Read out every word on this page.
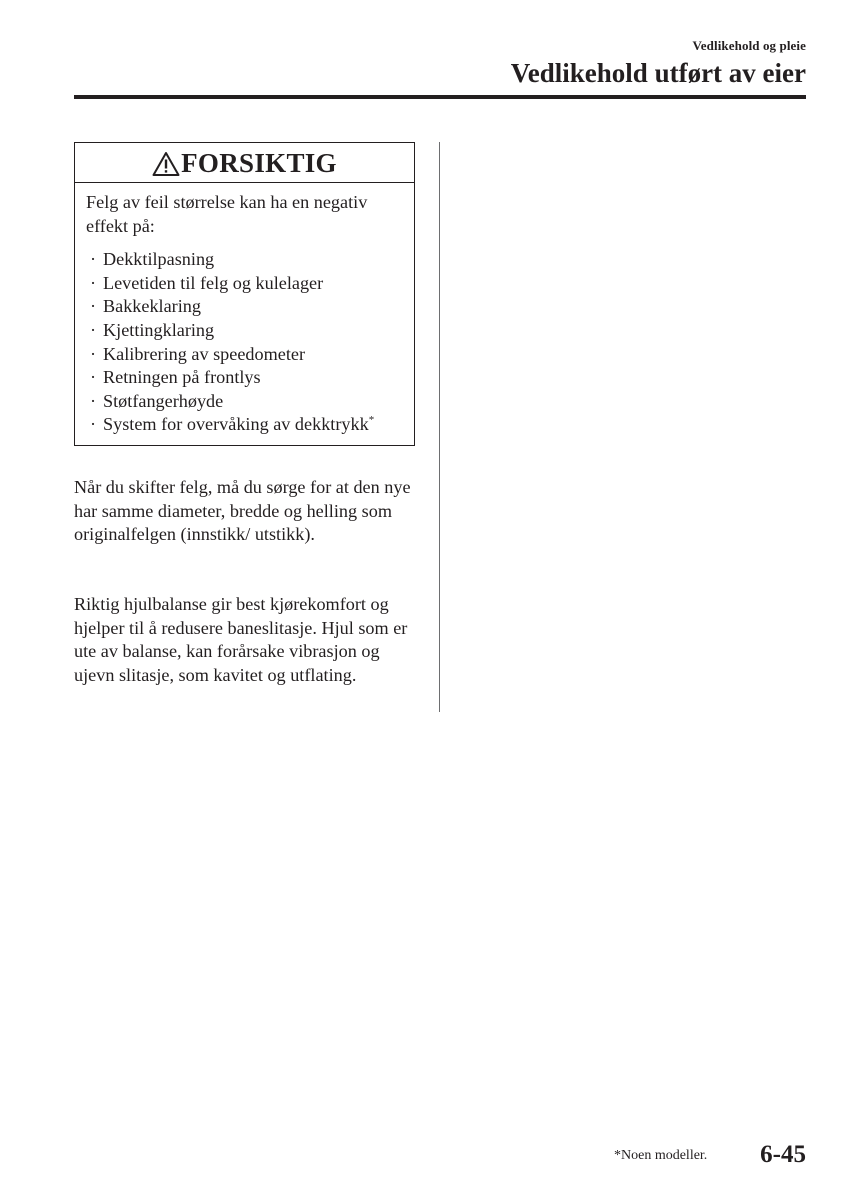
Vedlikehold og pleie
Vedlikehold utført av eier
FORSIKTIG

Felg av feil størrelse kan ha en negativ effekt på:

· Dekktilpasning
· Levetiden til felg og kulelager
· Bakkeklaring
· Kjettingklaring
· Kalibrering av speedometer
· Retningen på frontlys
· Støtfangerhøyde
· System for overvåking av dekktrykk*

Når du skifter felg, må du sørge for at den nye har samme diameter, bredde og helling som originalfelgen (innstikk/ utstikk).

Riktig hjulbalanse gir best kjørekomfort og hjelper til å redusere baneslitasje. Hjul som er ute av balanse, kan forårsake vibrasjon og ujevn slitasje, som kavitet og utflating.

*Noen modeller. 6-45
